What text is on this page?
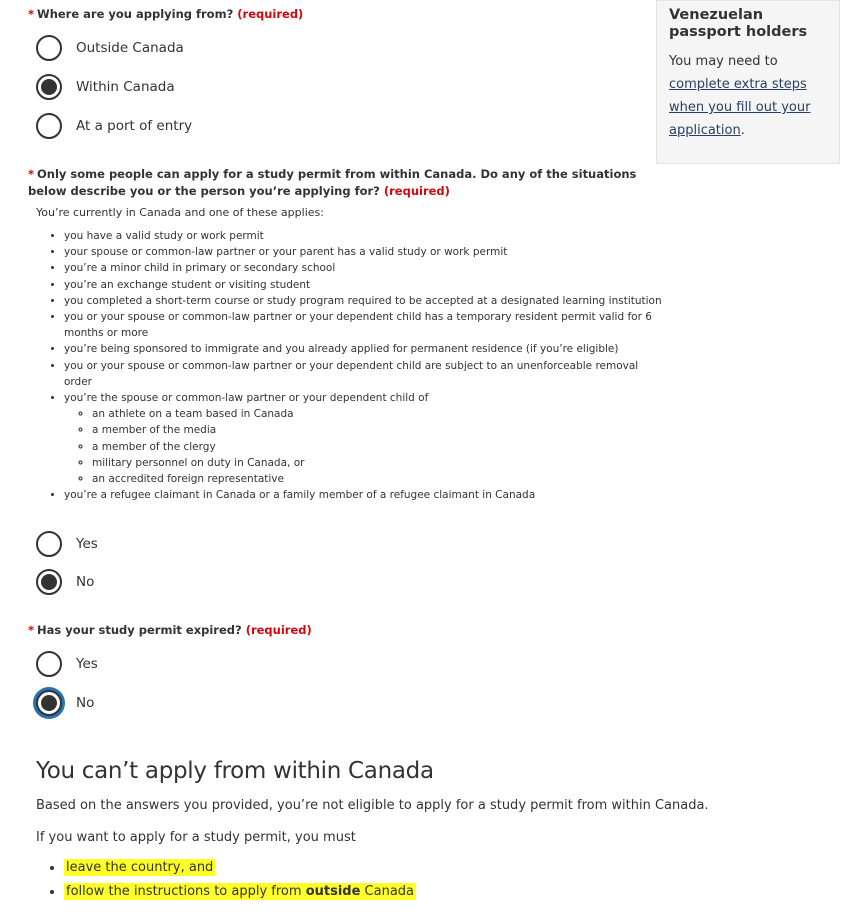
* Where are you applying from? (required)
Outside Canada
Within Canada
At a port of entry
Venezuelan passport holders
You may need to complete extra steps when you fill out your application.
* Only some people can apply for a study permit from within Canada. Do any of the situations below describe you or the person you’re applying for? (required)
You’re currently in Canada and one of these applies:
• you have a valid study or work permit
• your spouse or common-law partner or your parent has a valid study or work permit
• you’re a minor child in primary or secondary school
• you’re an exchange student or visiting student
• you completed a short-term course or study program required to be accepted at a designated learning institution
• you or your spouse or common-law partner or your dependent child has a temporary resident permit valid for 6 months or more
• you’re being sponsored to immigrate and you already applied for permanent residence (if you’re eligible)
• you or your spouse or common-law partner or your dependent child are subject to an unenforceable removal order
• you’re the spouse or common-law partner or your dependent child of
◦ an athlete on a team based in Canada
◦ a member of the media
◦ a member of the clergy
◦ military personnel on duty in Canada, or
◦ an accredited foreign representative
• you’re a refugee claimant in Canada or a family member of a refugee claimant in Canada
Yes
No
* Has your study permit expired? (required)
Yes
No
You can’t apply from within Canada
Based on the answers you provided, you’re not eligible to apply for a study permit from within Canada.
If you want to apply for a study permit, you must
• leave the country, and
• follow the instructions to apply from outside Canada
